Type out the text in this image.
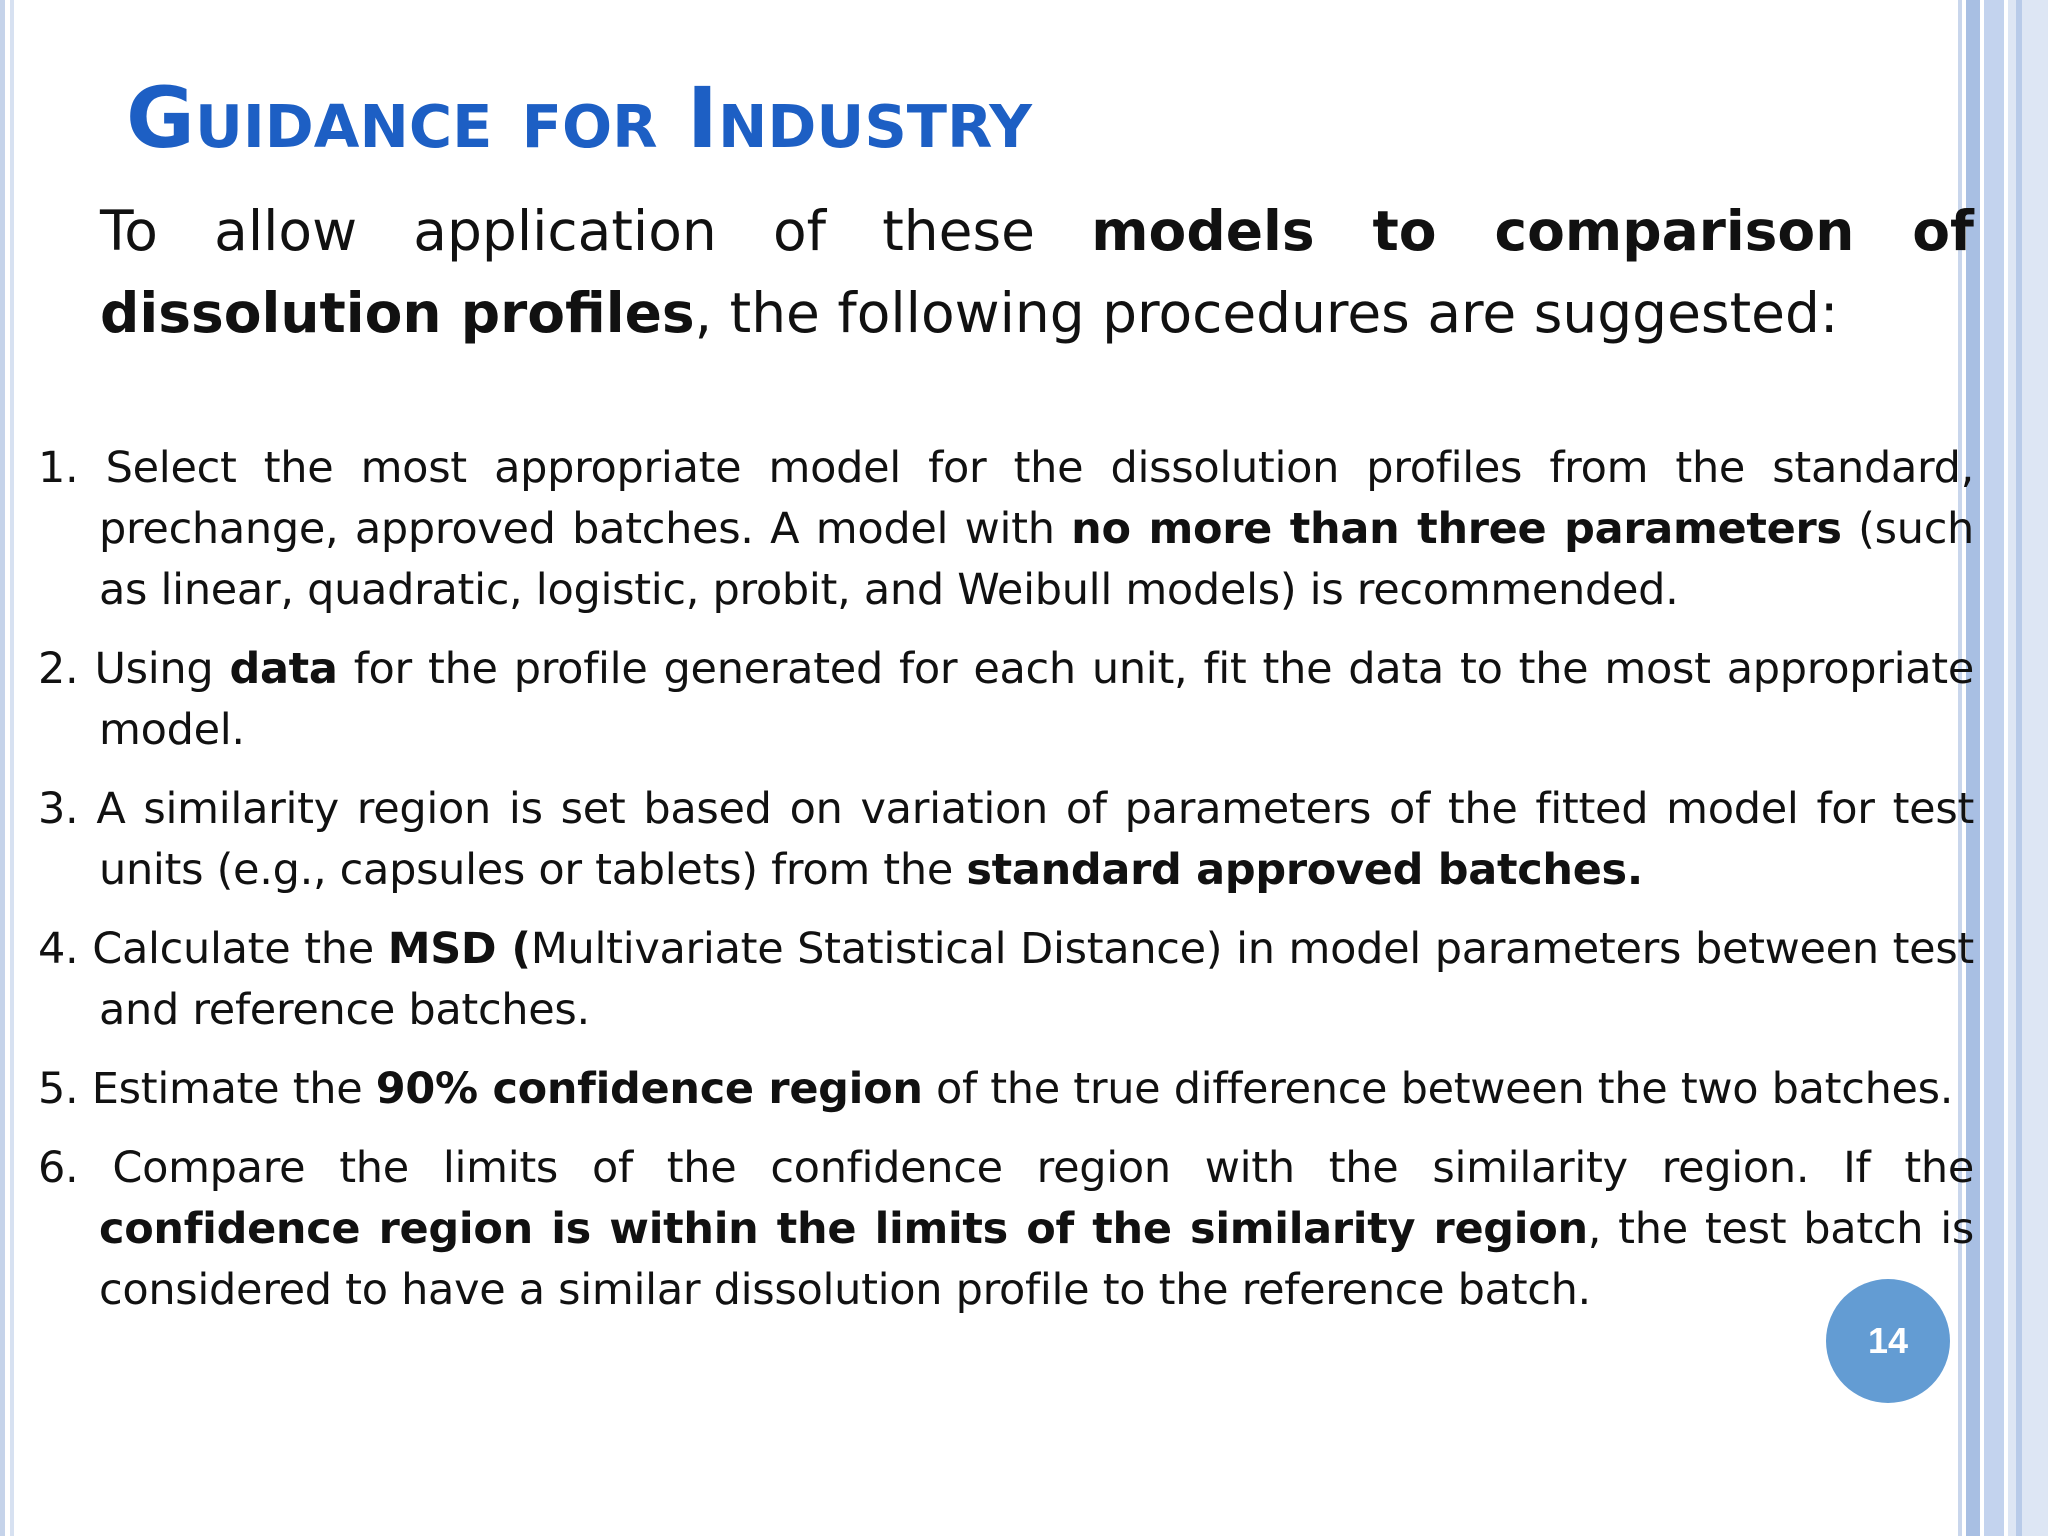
Guidance for Industry

To allow application of these models to comparison of dissolution profiles, the following procedures are suggested:

1. Select the most appropriate model for the dissolution profiles from the standard, prechange, approved batches. A model with no more than three parameters (such as linear, quadratic, logistic, probit, and Weibull models) is recommended.
2. Using data for the profile generated for each unit, fit the data to the most appropriate model.
3. A similarity region is set based on variation of parameters of the fitted model for test units (e.g., capsules or tablets) from the standard approved batches.
4. Calculate the MSD (Multivariate Statistical Distance) in model parameters between test and reference batches.
5. Estimate the 90% confidence region of the true difference between the two batches.
6. Compare the limits of the confidence region with the similarity region. If the confidence region is within the limits of the similarity region, the test batch is considered to have a similar dissolution profile to the reference batch.
14
